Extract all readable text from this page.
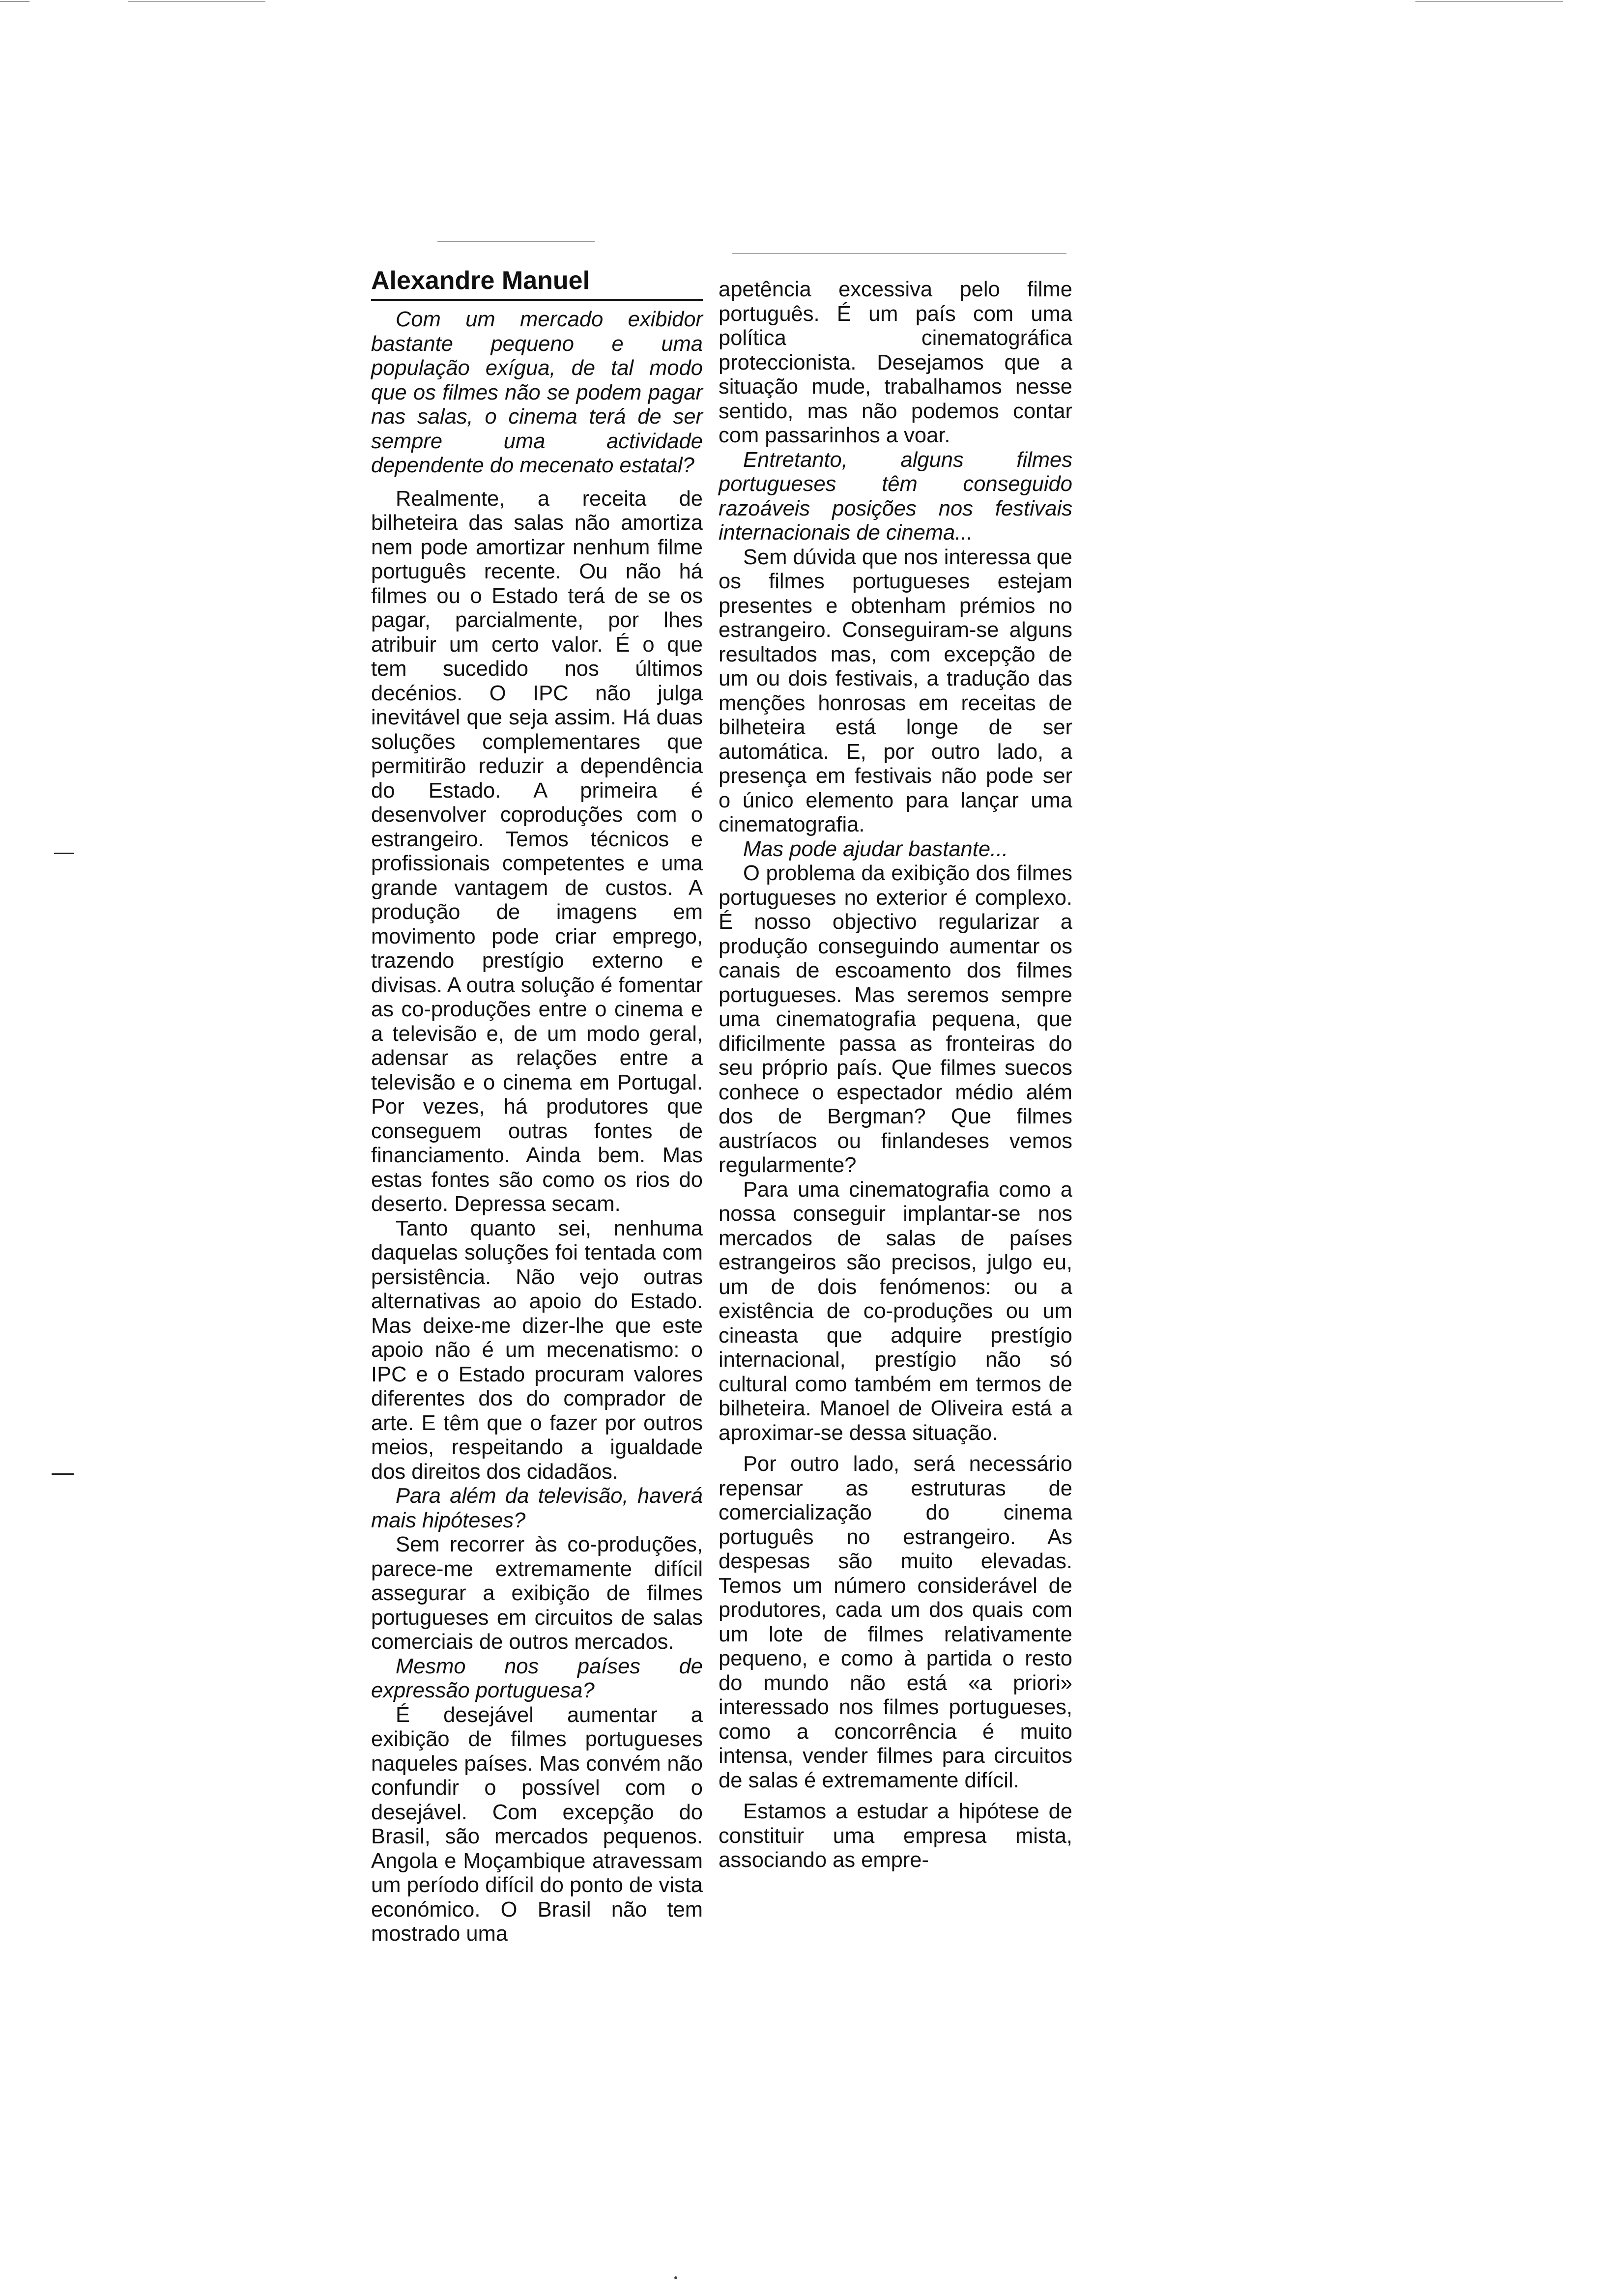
Alexandre Manuel

Com um mercado exibidor bastante pequeno e uma população exígua, de tal modo que os filmes não se podem pagar nas salas, o cinema terá de ser sempre uma actividade dependente do mecenato estatal?

Realmente, a receita de bilheteira das salas não amortiza nem pode amortizar nenhum filme português recente. Ou não há filmes ou o Estado terá de se os pagar, parcialmente, por lhes atribuir um certo valor. É o que tem sucedido nos últimos decénios. O IPC não julga inevitável que seja assim. Há duas soluções complementares que permitirão reduzir a dependência do Estado. A primeira é desenvolver coproduções com o estrangeiro. Temos técnicos e profissionais competentes e uma grande vantagem de custos. A produção de imagens em movimento pode criar emprego, trazendo prestígio externo e divisas. A outra solução é fomentar as co-produções entre o cinema e a televisão e, de um modo geral, adensar as relações entre a televisão e o cinema em Portugal. Por vezes, há produtores que conseguem outras fontes de financiamento. Ainda bem. Mas estas fontes são como os rios do deserto. Depressa secam.

Tanto quanto sei, nenhuma daquelas soluções foi tentada com persistência. Não vejo outras alternativas ao apoio do Estado. Mas deixe-me dizer-lhe que este apoio não é um mecenatismo: o IPC e o Estado procuram valores diferentes dos do comprador de arte. E têm que o fazer por outros meios, respeitando a igualdade dos direitos dos cidadãos.

Para além da televisão, haverá mais hipóteses?

Sem recorrer às co-produções, parece-me extremamente difícil assegurar a exibição de filmes portugueses em circuitos de salas comerciais de outros mercados.

Mesmo nos países de expressão portuguesa?

É desejável aumentar a exibição de filmes portugueses naqueles países. Mas convém não confundir o possível com o desejável. Com excepção do Brasil, são mercados pequenos. Angola e Moçambique atravessam um período difícil do ponto de vista económico. O Brasil não tem mostrado uma

apetência excessiva pelo filme português. É um país com uma política cinematográfica proteccionista. Desejamos que a situação mude, trabalhamos nesse sentido, mas não podemos contar com passarinhos a voar.

Entretanto, alguns filmes portugueses têm conseguido razoáveis posições nos festivais internacionais de cinema...

Sem dúvida que nos interessa que os filmes portugueses estejam presentes e obtenham prémios no estrangeiro. Conseguiram-se alguns resultados mas, com excepção de um ou dois festivais, a tradução das menções honrosas em receitas de bilheteira está longe de ser automática. E, por outro lado, a presença em festivais não pode ser o único elemento para lançar uma cinematografia.

Mas pode ajudar bastante...

O problema da exibição dos filmes portugueses no exterior é complexo. É nosso objectivo regularizar a produção conseguindo aumentar os canais de escoamento dos filmes portugueses. Mas seremos sempre uma cinematografia pequena, que dificilmente passa as fronteiras do seu próprio país. Que filmes suecos conhece o espectador médio além dos de Bergman? Que filmes austríacos ou finlandeses vemos regularmente?

Para uma cinematografia como a nossa conseguir implantar-se nos mercados de salas de países estrangeiros são precisos, julgo eu, um de dois fenómenos: ou a existência de co-produções ou um cineasta que adquire prestígio internacional, prestígio não só cultural como também em termos de bilheteira. Manoel de Oliveira está a aproximar-se dessa situação.

Por outro lado, será necessário repensar as estruturas de comercialização do cinema português no estrangeiro. As despesas são muito elevadas. Temos um número considerável de produtores, cada um dos quais com um lote de filmes relativamente pequeno, e como à partida o resto do mundo não está «a priori» interessado nos filmes portugueses, como a concorrência é muito intensa, vender filmes para circuitos de salas é extremamente difícil.

Estamos a estudar a hipótese de constituir uma empresa mista, associando as empre-
